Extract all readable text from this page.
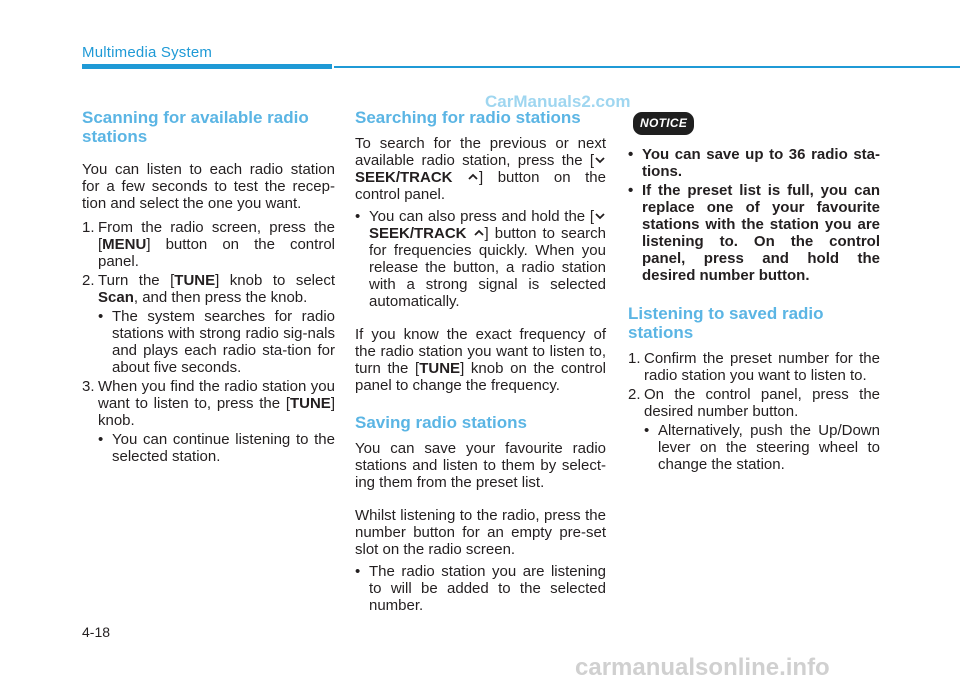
Multimedia System
CarManuals2.com
Scanning for available radio stations

You can listen to each radio station for a few seconds to test the recep-tion and select the one you want.

1. From the radio screen, press the [MENU] button on the control panel.
2. Turn the [TUNE] knob to select Scan, and then press the knob.
• The system searches for radio stations with strong radio sig-nals and plays each radio sta-tion for about five seconds.
3. When you find the radio station you want to listen to, press the [TUNE] knob.
• You can continue listening to the selected station.
Searching for radio stations

To search for the previous or next available radio station, press the [ SEEK/TRACK ] button on the control panel.

• You can also press and hold the [ SEEK/TRACK ] button to search for frequencies quickly. When you release the button, a radio station with a strong signal is selected automatically.

If you know the exact frequency of the radio station you want to listen to, turn the [TUNE] knob on the control panel to change the frequency.

Saving radio stations

You can save your favourite radio stations and listen to them by select-ing them from the preset list.

Whilst listening to the radio, press the number button for an empty pre-set slot on the radio screen.

• The radio station you are listening to will be added to the selected number.
NOTICE
• You can save up to 36 radio sta-tions.
• If the preset list is full, you can replace one of your favourite stations with the station you are listening to. On the control panel, press and hold the desired number button.
Listening to saved radio stations
1. Confirm the preset number for the radio station you want to listen to.
2. On the control panel, press the desired number button.
• Alternatively, push the Up/Down lever on the steering wheel to change the station.
4-18
carmanualsonline.info
